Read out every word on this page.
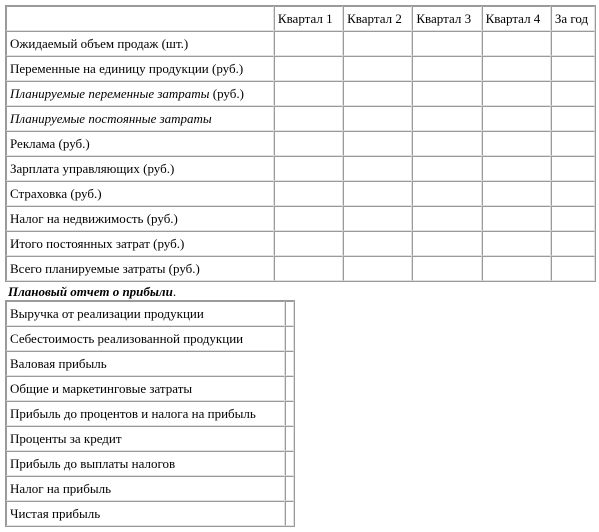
	Квартал 1	Квартал 2	Квартал 3	Квартал 4	За год
Ожидаемый объем продаж (шт.)					
Переменные на единицу продукции (руб.)					
Планируемые переменные затраты (руб.)					
Планируемые постоянные затраты					
Реклама (руб.)					
Зарплата управляющих (руб.)					
Страховка (руб.)					
Налог на недвижимость (руб.)					
Итого постоянных затрат (руб.)					
Всего планируемые затраты (руб.)					
Плановый отчет о прибыли.
Выручка от реализации продукции	
Себестоимость реализованной продукции	
Валовая прибыль	
Общие и маркетинговые затраты	
Прибыль до процентов и налога на прибыль	
Проценты за кредит	
Прибыль до выплаты налогов	
Налог на прибыль	
Чистая прибыль	
